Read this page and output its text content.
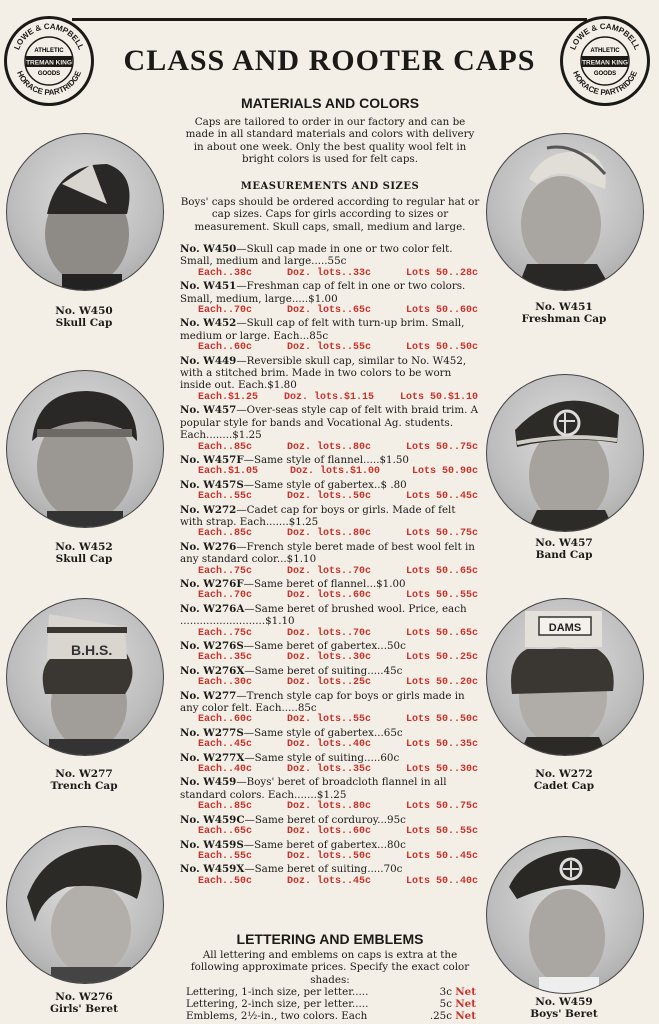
LOWE & CAMPBELL
HORACE PARTRIDGE
ATHLETIC
TREMAN KING
GOODS
LOWE & CAMPBELL
HORACE PARTRIDGE
ATHLETIC
TREMAN KING
GOODS
CLASS AND ROOTER CAPS
MATERIALS AND COLORS
Caps are tailored to order in our factory and can be made in all standard materials and colors with delivery in about one week. Only the best quality wool felt in bright colors is used for felt caps.
MEASUREMENTS AND SIZES
Boys' caps should be ordered according to regular hat or cap sizes. Caps for girls according to sizes or measurement. Skull caps, small, medium and large.
No. W450—Skull cap made in one or two color felt. Small, medium and large.....55c
Each..38c	Doz. lots..33c	Lots 50..28c
No. W451—Freshman cap of felt in one or two colors. Small, medium, large.....$1.00
Each..70c	Doz. lots..65c	Lots 50..60c
No. W452—Skull cap of felt with turn-up brim. Small, medium or large. Each...85c
Each..60c	Doz. lots..55c	Lots 50..50c
No. W449—Reversible skull cap, similar to No. W452, with a stitched brim. Made in two colors to be worn inside out. Each.$1.80
Each.$1.25	Doz. lots.$1.15	Lots 50.$1.10
No. W457—Over-seas style cap of felt with braid trim. A popular style for bands and Vocational Ag. students. Each........$1.25
Each..85c	Doz. lots..80c	Lots 50..75c
No. W457F—Same style of flannel.....$1.50
Each.$1.05	Doz. lots.$1.00	Lots 50.90c
No. W457S—Same style of gabertex..$ .80
Each..55c	Doz. lots..50c	Lots 50..45c
No. W272—Cadet cap for boys or girls. Made of felt with strap. Each.......$1.25
Each..85c	Doz. lots..80c	Lots 50..75c
No. W276—French style beret made of best wool felt in any standard color...$1.10
Each..75c	Doz. lots..70c	Lots 50..65c
No. W276F—Same beret of flannel...$1.00
Each..70c	Doz. lots..60c	Lots 50..55c
No. W276A—Same beret of brushed wool. Price, each ..........................$1.10
Each..75c	Doz. lots..70c	Lots 50..65c
No. W276S—Same beret of gabertex...50c
Each..35c	Doz. lots..30c	Lots 50..25c
No. W276X—Same beret of suiting.....45c
Each..30c	Doz. lots..25c	Lots 50..20c
No. W277—Trench style cap for boys or girls made in any color felt. Each.....85c
Each..60c	Doz. lots..55c	Lots 50..50c
No. W277S—Same style of gabertex...65c
Each..45c	Doz. lots..40c	Lots 50..35c
No. W277X—Same style of suiting.....60c
Each..40c	Doz. lots..35c	Lots 50..30c
No. W459—Boys' beret of broadcloth flannel in all standard colors. Each.......$1.25
Each..85c	Doz. lots..80c	Lots 50..75c
No. W459C—Same beret of corduroy...95c
Each..65c	Doz. lots..60c	Lots 50..55c
No. W459S—Same beret of gabertex...80c
Each..55c	Doz. lots..50c	Lots 50..45c
No. W459X—Same beret of suiting.....70c
Each..50c	Doz. lots..45c	Lots 50..40c
LETTERING AND EMBLEMS
All lettering and emblems on caps is extra at the following approximate prices. Specify the exact color shades:
Lettering, 1-inch size, per letter.....	3c Net
Lettering, 2-inch size, per letter.....	5c Net
Emblems, 2½-in., two colors. Each	.25c Net
No. W450
Skull Cap
No. W452
Skull Cap
B.H.S.
No. W277
Trench Cap
No. W276
Girls' Beret
No. W451
Freshman Cap
No. W457
Band Cap
DAMS
No. W272
Cadet Cap
No. W459
Boys' Beret
